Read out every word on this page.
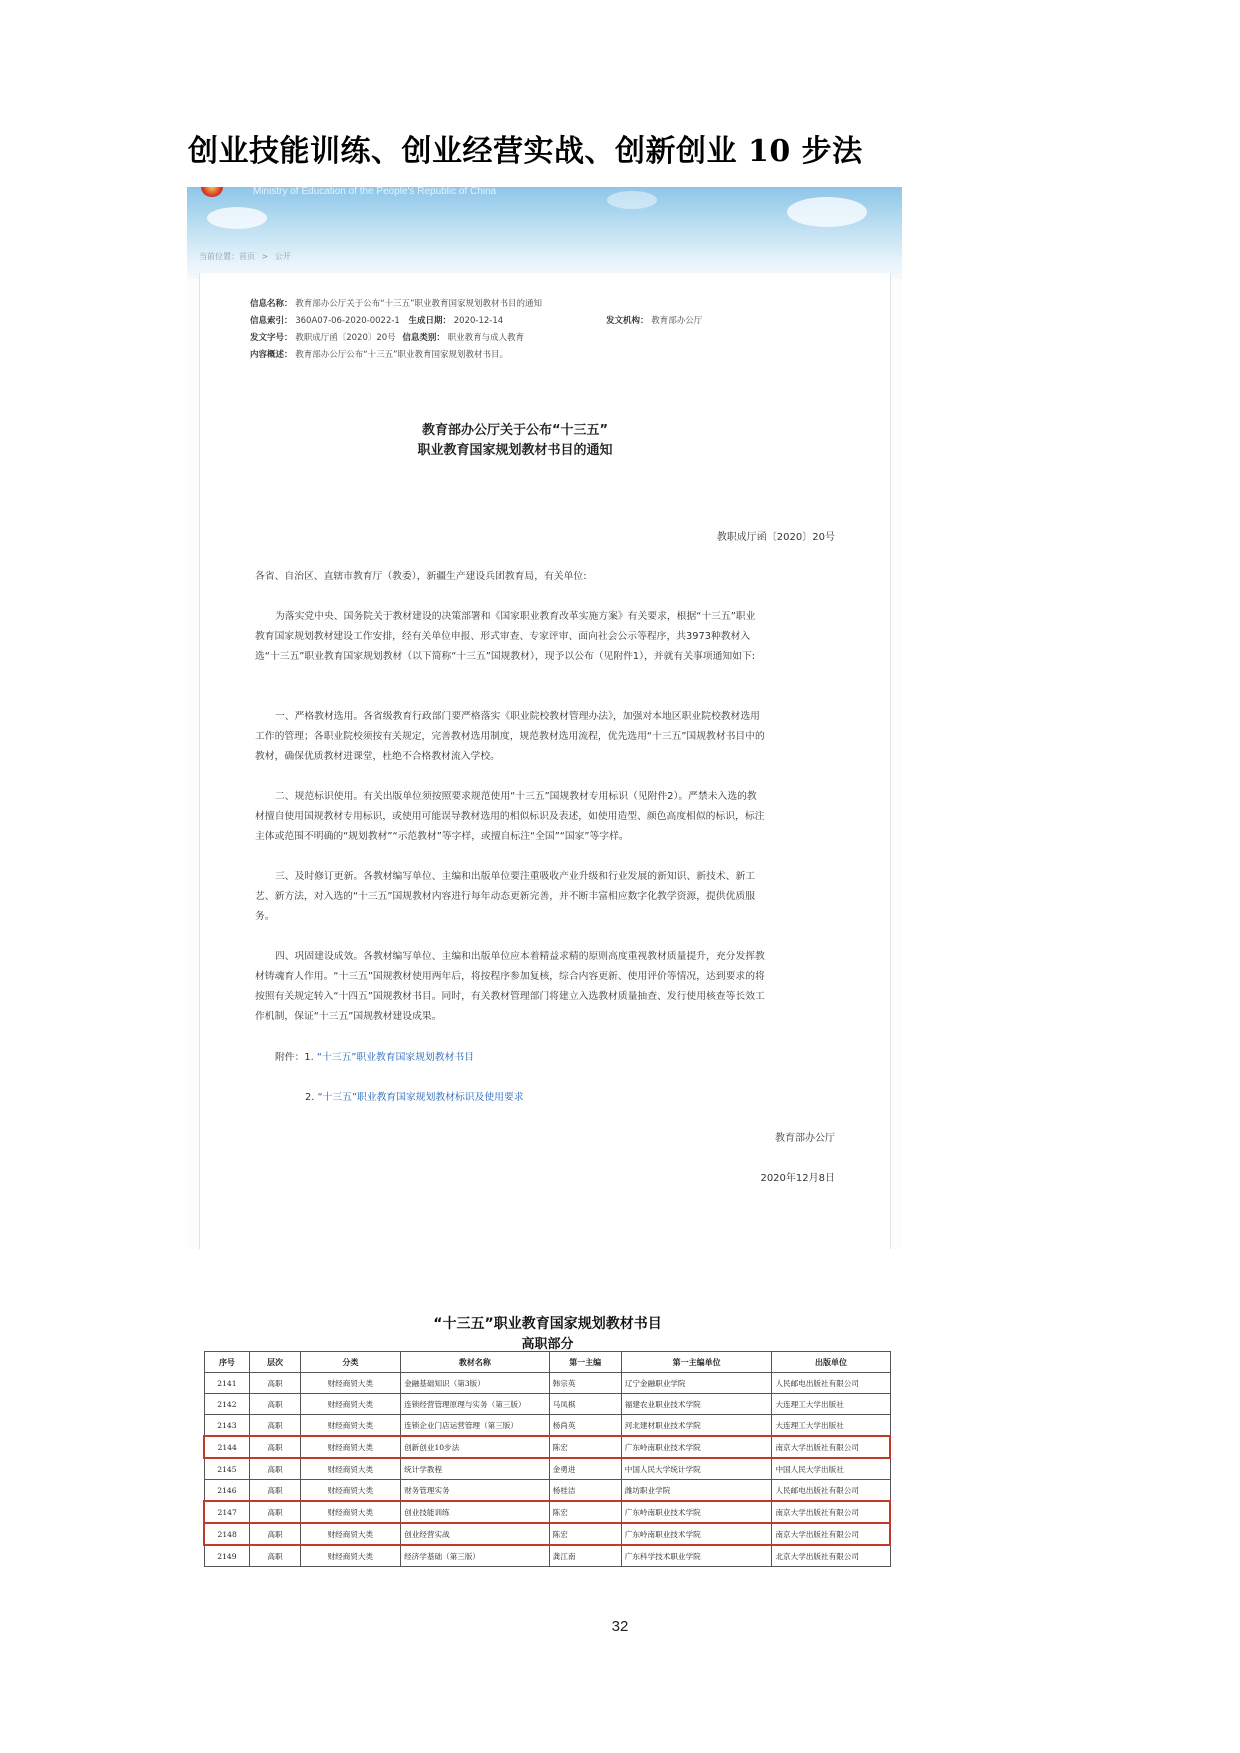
创业技能训练、创业经营实战、创新创业 10 步法
Ministry of Education of the People's Republic of China
当前位置：首页 > 公开
信息名称： 教育部办公厅关于公布“十三五”职业教育国家规划教材书目的通知
信息索引： 360A07-06-2020-0022-1 生成日期： 2020-12-14	发文机构： 教育部办公厅
发文字号： 教职成厅函〔2020〕20号 信息类别： 职业教育与成人教育
内容概述： 教育部办公厅公布“十三五”职业教育国家规划教材书目。
教育部办公厅关于公布“十三五”
职业教育国家规划教材书目的通知
教职成厅函〔2020〕20号
各省、自治区、直辖市教育厅（教委），新疆生产建设兵团教育局，有关单位:
为落实党中央、国务院关于教材建设的决策部署和《国家职业教育改革实施方案》有关要求，根据“十三五”职业教育国家规划教材建设工作安排，经有关单位申报、形式审查、专家评审、面向社会公示等程序，共3973种教材入选“十三五”职业教育国家规划教材（以下简称“十三五”国规教材），现予以公布（见附件1），并就有关事项通知如下:
一、严格教材选用。各省级教育行政部门要严格落实《职业院校教材管理办法》，加强对本地区职业院校教材选用工作的管理；各职业院校须按有关规定，完善教材选用制度，规范教材选用流程，优先选用“十三五”国规教材书目中的教材，确保优质教材进课堂，杜绝不合格教材流入学校。
二、规范标识使用。有关出版单位须按照要求规范使用“十三五”国规教材专用标识（见附件2）。严禁未入选的教材擅自使用国规教材专用标识，或使用可能误导教材选用的相似标识及表述，如使用造型、颜色高度相似的标识，标注主体或范围不明确的“规划教材”“示范教材”等字样，或擅自标注“全国”“国家”等字样。
三、及时修订更新。各教材编写单位、主编和出版单位要注重吸收产业升级和行业发展的新知识、新技术、新工艺、新方法，对入选的“十三五”国规教材内容进行每年动态更新完善，并不断丰富相应数字化教学资源，提供优质服务。
四、巩固建设成效。各教材编写单位、主编和出版单位应本着精益求精的原则高度重视教材质量提升，充分发挥教材铸魂育人作用。“十三五”国规教材使用两年后，将按程序参加复核，综合内容更新、使用评价等情况，达到要求的将按照有关规定转入“十四五”国规教材书目。同时，有关教材管理部门将建立入选教材质量抽查、发行使用核查等长效工作机制，保证“十三五”国规教材建设成果。
附件：1. “十三五”职业教育国家规划教材书目
2. “十三五”职业教育国家规划教材标识及使用要求
教育部办公厅
2020年12月8日
“十三五”职业教育国家规划教材书目
高职部分
序号	层次	分类	教材名称	第一主编	第一主编单位	出版单位
2141	高职	财经商贸大类	金融基础知识（第3版）	韩宗英	辽宁金融职业学院	人民邮电出版社有限公司
2142	高职	财经商贸大类	连锁经营管理原理与实务（第三版）	马凤棋	福建农业职业技术学院	大连理工大学出版社
2143	高职	财经商贸大类	连锁企业门店运营管理（第三版）	杨尚英	河北建材职业技术学院	大连理工大学出版社
2144	高职	财经商贸大类	创新创业10步法	陈宏	广东岭南职业技术学院	南京大学出版社有限公司
2145	高职	财经商贸大类	统计学教程	金勇进	中国人民大学统计学院	中国人民大学出版社
2146	高职	财经商贸大类	财务管理实务	杨桂洁	潍坊职业学院	人民邮电出版社有限公司
2147	高职	财经商贸大类	创业技能训练	陈宏	广东岭南职业技术学院	南京大学出版社有限公司
2148	高职	财经商贸大类	创业经营实战	陈宏	广东岭南职业技术学院	南京大学出版社有限公司
2149	高职	财经商贸大类	经济学基础（第三版）	龚江南	广东科学技术职业学院	北京大学出版社有限公司
32
